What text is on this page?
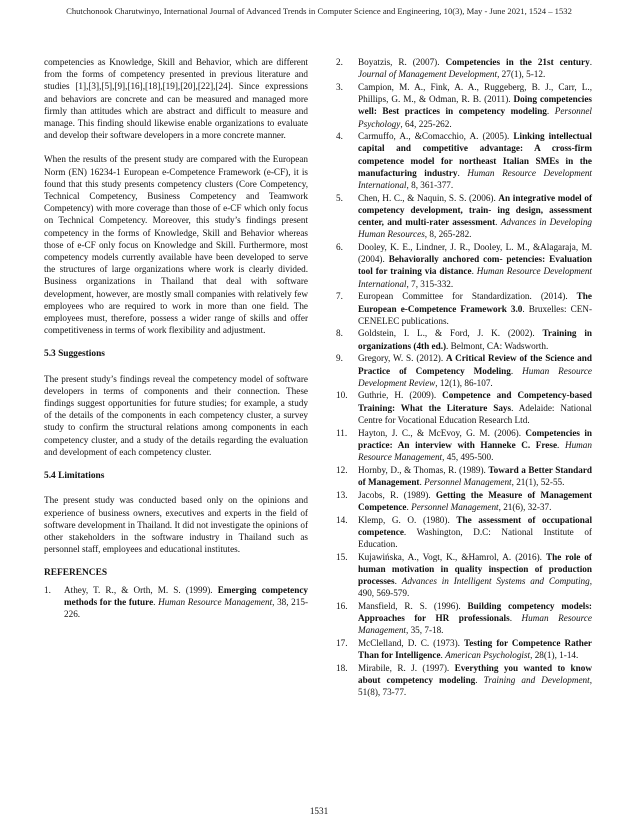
Chutchonook Charutwinyo, International Journal of Advanced Trends in Computer Science and Engineering, 10(3), May - June 2021, 1524 – 1532

competencies as Knowledge, Skill and Behavior, which are different from the forms of competency presented in previous literature and studies [1],[3],[5],[9],[16],[18],[19],[20],[22],[24]. Since expressions and behaviors are concrete and can be measured and managed more firmly than attitudes which are abstract and difficult to measure and manage. This finding should likewise enable organizations to evaluate and develop their software developers in a more concrete manner.

When the results of the present study are compared with the European Norm (EN) 16234-1 European e-Competence Framework (e-CF), it is found that this study presents competency clusters (Core Competency, Technical Competency, Business Competency and Teamwork Competency) with more coverage than those of e-CF which only focus on Technical Competency. Moreover, this study’s findings present competency in the forms of Knowledge, Skill and Behavior whereas those of e-CF only focus on Knowledge and Skill. Furthermore, most competency models currently available have been developed to serve the structures of large organizations where work is clearly divided. Business organizations in Thailand that deal with software development, however, are mostly small companies with relatively few employees who are required to work in more than one field. The employees must, therefore, possess a wider range of skills and offer competitiveness in terms of work flexibility and adjustment.

5.3 Suggestions

The present study’s findings reveal the competency model of software developers in terms of components and their connection. These findings suggest opportunities for future studies; for example, a study of the details of the components in each competency cluster, a survey study to confirm the structural relations among components in each competency cluster, and a study of the details regarding the evaluation and development of each competency cluster.

5.4 Limitations

The present study was conducted based only on the opinions and experience of business owners, executives and experts in the field of software development in Thailand. It did not investigate the opinions of other stakeholders in the software industry in Thailand such as personnel staff, employees and educational institutes.

REFERENCES
1. Athey, T. R., & Orth, M. S. (1999). Emerging competency methods for the future. Human Resource Management, 38, 215-226.
2. Boyatzis, R. (2007). Competencies in the 21st century. Journal of Management Development, 27(1), 5-12.
3. Campion, M. A., Fink, A. A., Ruggeberg, B. J., Carr, L., Phillips, G. M., & Odman, R. B. (2011). Doing competencies well: Best practices in competency modeling. Personnel Psychology, 64, 225-262.
4. Carmuffo, A., &Comacchio, A. (2005). Linking intellectual capital and competitive advantage: A cross-firm competence model for northeast Italian SMEs in the manufacturing industry. Human Resource Development International, 8, 361-377.
5. Chen, H. C., & Naquin, S. S. (2006). An integrative model of competency development, train- ing design, assessment center, and multi-rater assessment. Advances in Developing Human Resources, 8, 265-282.
6. Dooley, K. E., Lindner, J. R., Dooley, L. M., &Alagaraja, M. (2004). Behaviorally anchored com- petencies: Evaluation tool for training via distance. Human Resource Development International, 7, 315-332.
7. European Committee for Standardization. (2014). The European e-Competence Framework 3.0. Bruxelles: CEN-CENELEC publications.
8. Goldstein, I. L., & Ford, J. K. (2002). Training in organizations (4th ed.). Belmont, CA: Wadsworth.
9. Gregory, W. S. (2012). A Critical Review of the Science and Practice of Competency Modeling. Human Resource Development Review, 12(1), 86-107.
10. Guthrie, H. (2009). Competence and Competency-based Training: What the Literature Says. Adelaide: National Centre for Vocational Education Research Ltd.
11. Hayton, J. C., & McEvoy, G. M. (2006). Competencies in practice: An interview with Hanneke C. Frese. Human Resource Management, 45, 495-500.
12. Hornby, D., & Thomas, R. (1989). Toward a Better Standard of Management. Personnel Management, 21(1), 52-55.
13. Jacobs, R. (1989). Getting the Measure of Management Competence. Personnel Management, 21(6), 32-37.
14. Klemp, G. O. (1980). The assessment of occupational competence. Washington, D.C: National Institute of Education.
15. Kujawińska, A., Vogt, K., &Hamrol, A. (2016). The role of human motivation in quality inspection of production processes. Advances in Intelligent Systems and Computing, 490, 569-579.
16. Mansfield, R. S. (1996). Building competency models: Approaches for HR professionals. Human Resource Management, 35, 7-18.
17. McClelland, D. C. (1973). Testing for Competence Rather Than for Intelligence. American Psychologist, 28(1), 1-14.
18. Mirabile, R. J. (1997). Everything you wanted to know about competency modeling. Training and Development, 51(8), 73-77.
1531
